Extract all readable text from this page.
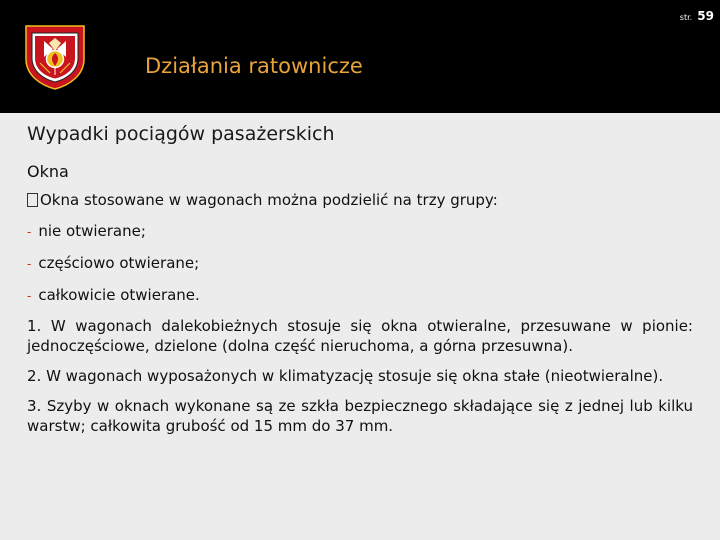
str. 59
Działania ratownicze
Wypadki pociągów pasażerskich
Okna
Okna stosowane w wagonach można podzielić na trzy grupy:
- nie otwierane;
- częściowo otwierane;
- całkowicie otwierane.
1. W wagonach dalekobieżnych stosuje się okna otwieralne, przesuwane w pionie: jednoczęściowe, dzielone (dolna część nieruchoma, a górna przesuwna).
2. W wagonach wyposażonych w klimatyzację stosuje się okna stałe (nieotwieralne).
3. Szyby w oknach wykonane są ze szkła bezpiecznego składające się z jednej lub kilku warstw; całkowita grubość od 15 mm do 37 mm.
